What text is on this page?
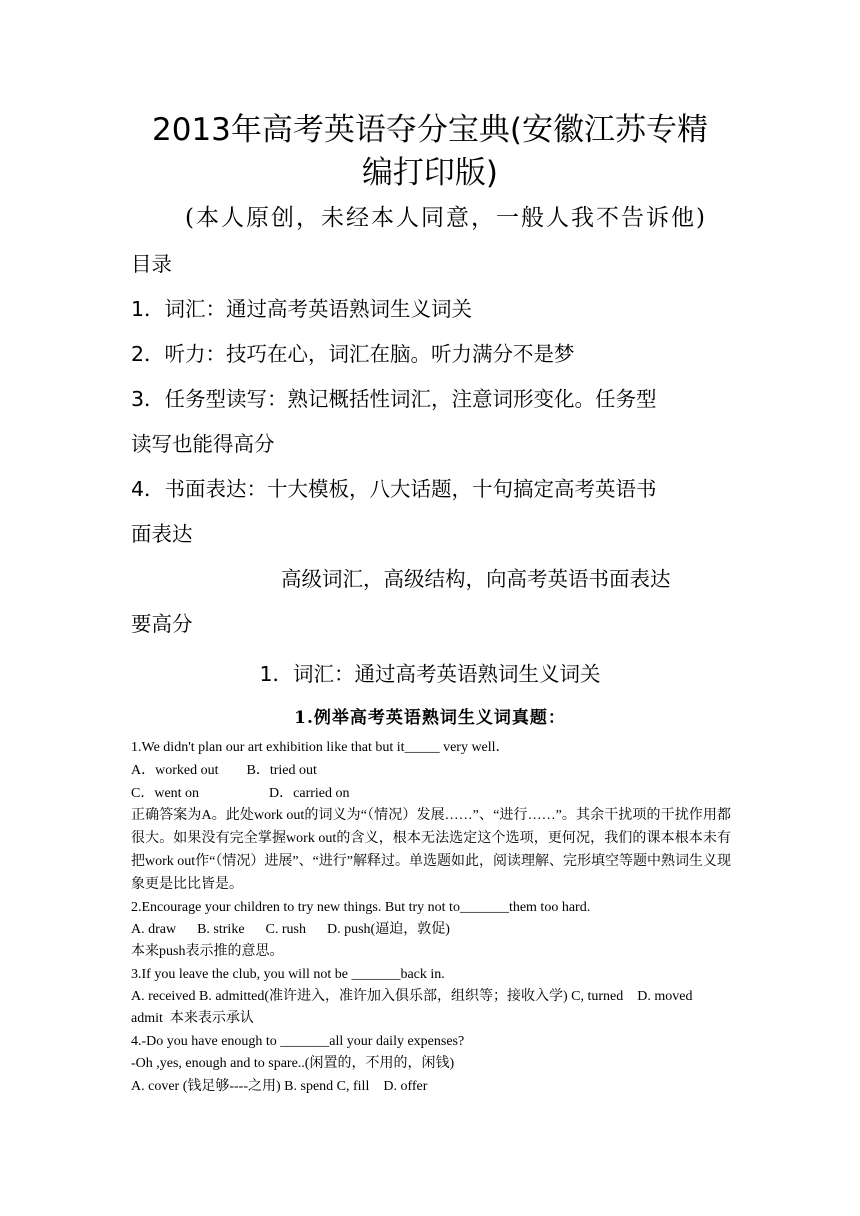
2013年高考英语夺分宝典(安徽江苏专精
编打印版)
(本人原创，未经本人同意，一般人我不告诉他)
目录
1．词汇：通过高考英语熟词生义词关
2．听力：技巧在心，词汇在脑。听力满分不是梦
3．任务型读写：熟记概括性词汇，注意词形变化。任务型
读写也能得高分
4．书面表达：十大模板，八大话题，十句搞定高考英语书
面表达
高级词汇，高级结构，向高考英语书面表达
要高分
1．词汇：通过高考英语熟词生义词关
1.例举高考英语熟词生义词真题：
1.We didn't plan our art exhibition like that but it_____ very well．
A．worked out        B．tried out
C．went on                    D．carried on
正确答案为A。此处work out的词义为“（情况）发展……”、“进行……”。其余干扰项的干扰作用都很大。如果没有完全掌握work out的含义，根本无法选定这个选项，更何况，我们的课本根本未有把work out作“（情况）进展”、“进行”解释过。单选题如此，阅读理解、完形填空等题中熟词生义现象更是比比皆是。
2.Encourage your children to try new things. But try not to_______them too hard.
A. draw      B. strike      C. rush      D. push(逼迫，敦促)
本来push表示推的意思。
3.If you leave the club, you will not be _______back in.
A. received B. admitted(准许进入，准许加入俱乐部，组织等；接收入学) C, turned    D. moved
admit  本来表示承认
4.-Do you have enough to _______all your daily expenses?
-Oh ,yes, enough and to spare..(闲置的，不用的，闲钱)
A. cover (钱足够----之用) B. spend C, fill    D. offer
